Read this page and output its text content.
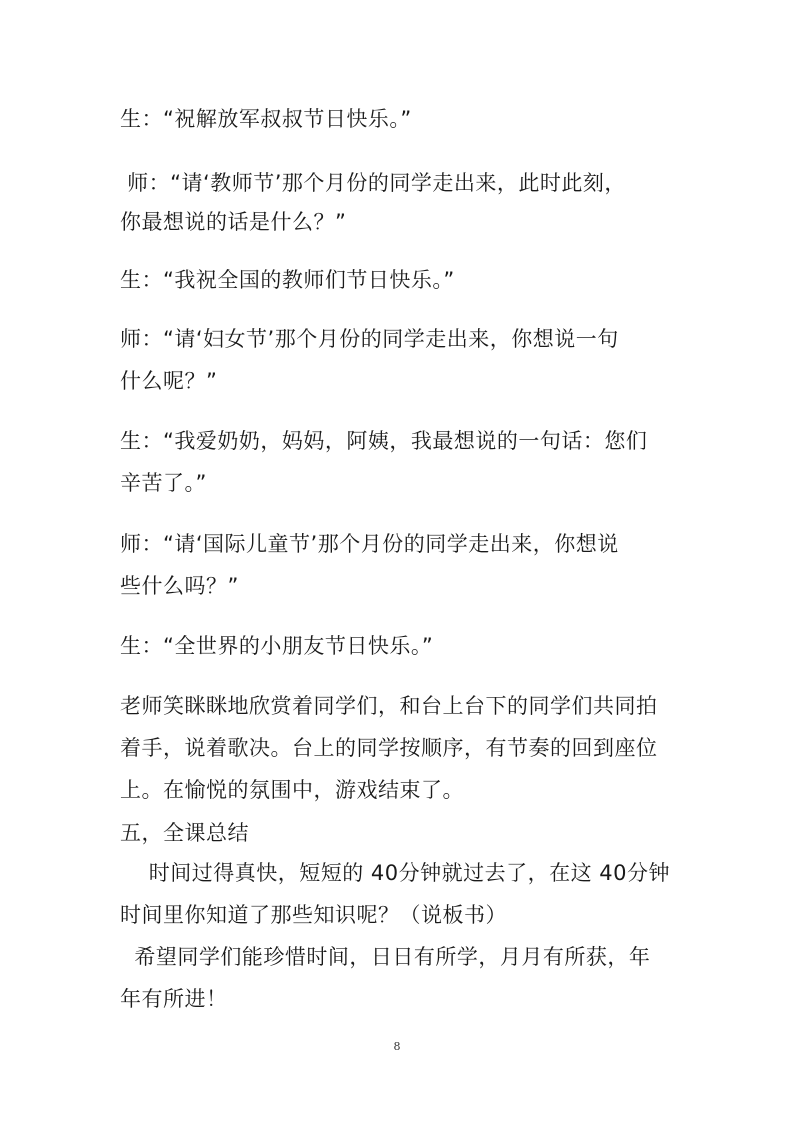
生：“祝解放军叔叔节日快乐。”
师：“请‘教师节’那个月份的同学走出来，此时此刻，
你最想说的话是什么？”
生：“我祝全国的教师们节日快乐。”
师：“请‘妇女节’那个月份的同学走出来，你想说一句
什么呢？”
生：“我爱奶奶，妈妈，阿姨，我最想说的一句话：您们
辛苦了。”
师：“请‘国际儿童节’那个月份的同学走出来，你想说
些什么吗？”
生：“全世界的小朋友节日快乐。”
老师笑眯眯地欣赏着同学们，和台上台下的同学们共同拍
着手，说着歌决。台上的同学按顺序，有节奏的回到座位
上。在愉悦的氛围中，游戏结束了。
五，全课总结
时间过得真快，短短的 40分钟就过去了，在这 40分钟
时间里你知道了那些知识呢？（说板书）
希望同学们能珍惜时间，日日有所学，月月有所获，年
年有所进！
8
